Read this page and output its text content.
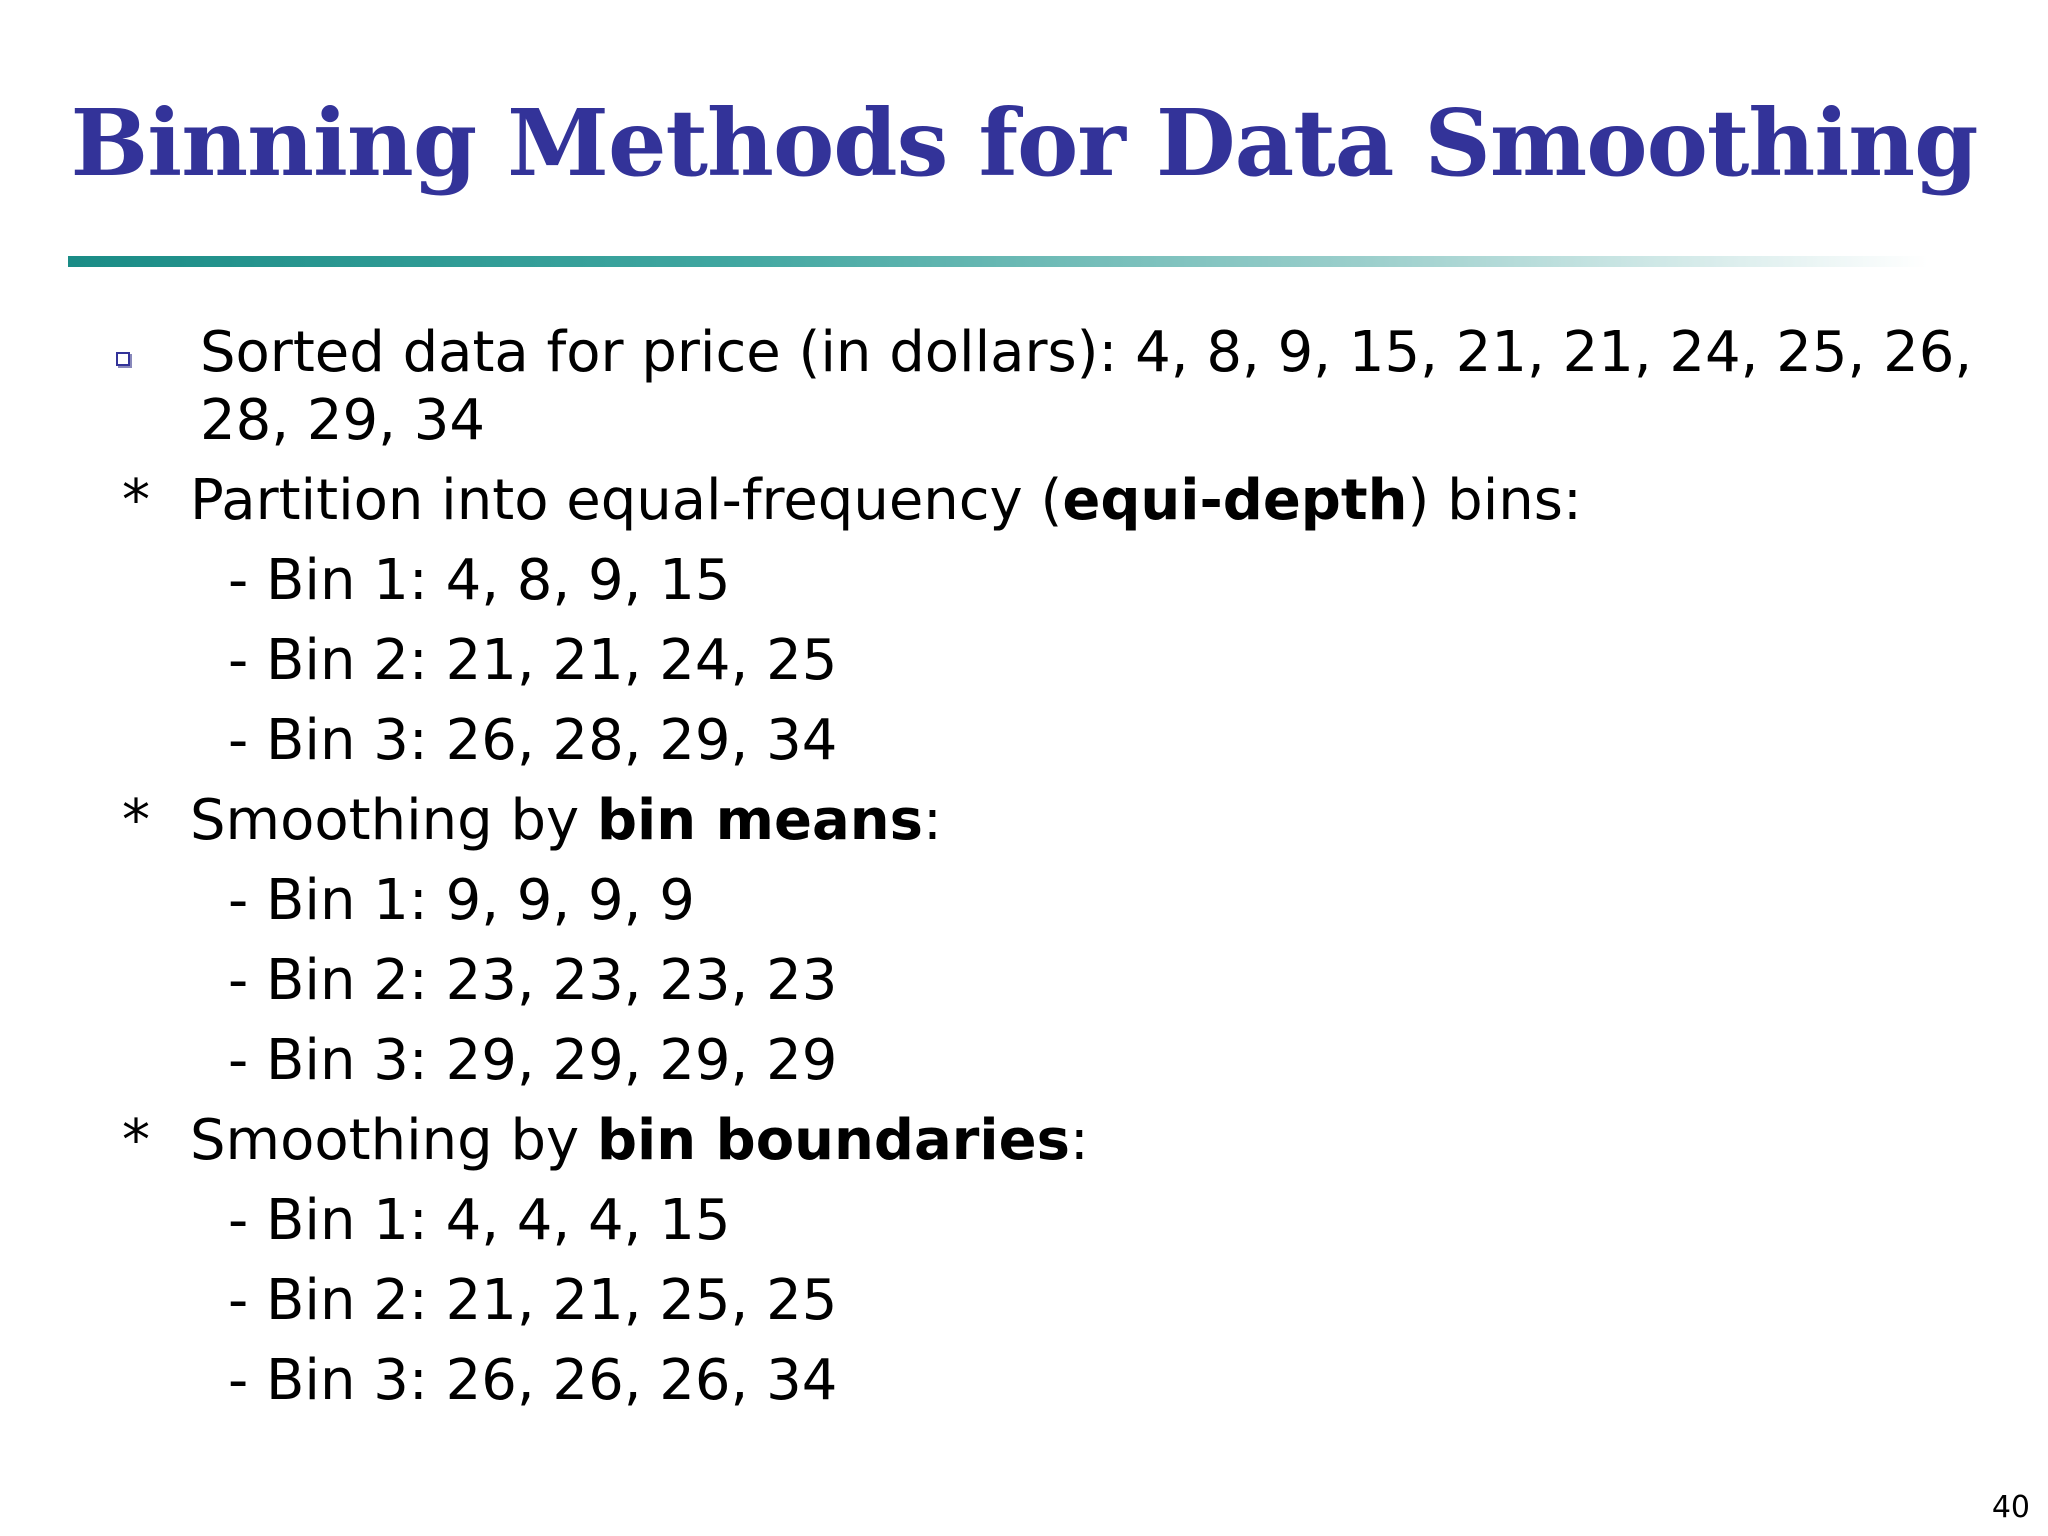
Binning Methods for Data Smoothing
Sorted data for price (in dollars): 4, 8, 9, 15, 21, 21, 24, 25, 26,
28, 29, 34
* Partition into equal-frequency (equi-depth) bins:
- Bin 1: 4, 8, 9, 15
- Bin 2: 21, 21, 24, 25
- Bin 3: 26, 28, 29, 34
* Smoothing by bin means:
- Bin 1: 9, 9, 9, 9
- Bin 2: 23, 23, 23, 23
- Bin 3: 29, 29, 29, 29
* Smoothing by bin boundaries:
- Bin 1: 4, 4, 4, 15
- Bin 2: 21, 21, 25, 25
- Bin 3: 26, 26, 26, 34
40
